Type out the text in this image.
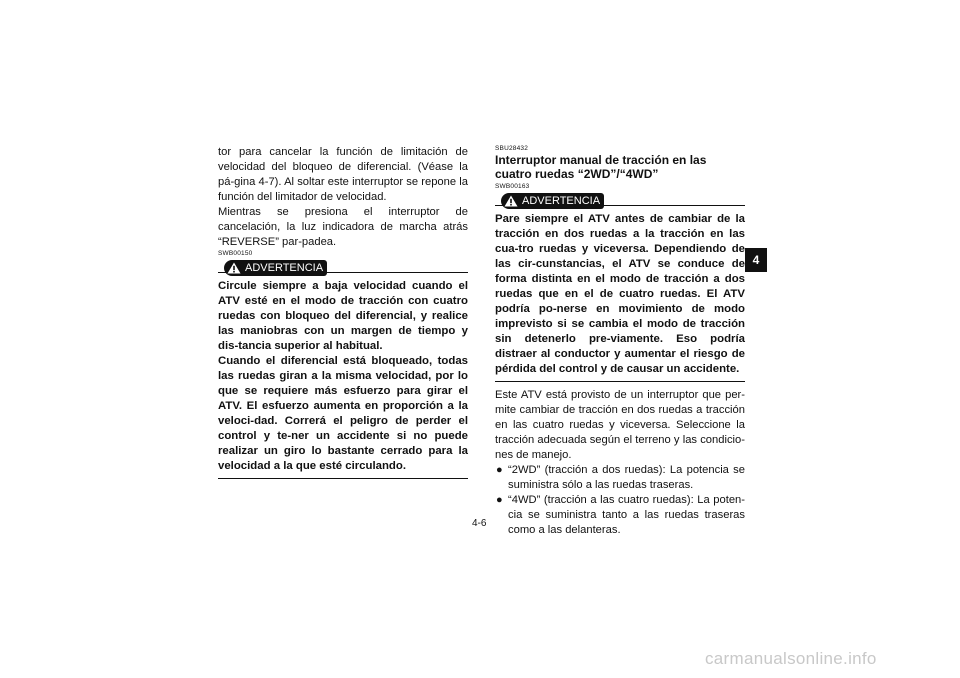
tor para cancelar la función de limitación de velocidad del bloqueo de diferencial. (Véase la pá-gina 4-7). Al soltar este interruptor se repone la función del limitador de velocidad.

Mientras se presiona el interruptor de cancelación, la luz indicadora de marcha atrás “REVERSE” par-padea.

SWB00150

ADVERTENCIA

Circule siempre a baja velocidad cuando el ATV esté en el modo de tracción con cuatro ruedas con bloqueo del diferencial, y realice las maniobras con un margen de tiempo y dis-tancia superior al habitual.

Cuando el diferencial está bloqueado, todas las ruedas giran a la misma velocidad, por lo que se requiere más esfuerzo para girar el ATV. El esfuerzo aumenta en proporción a la veloci-dad. Correrá el peligro de perder el control y te-ner un accidente si no puede realizar un giro lo bastante cerrado para la velocidad a la que esté circulando.

SBU28432

Interruptor manual de tracción en las cuatro ruedas “2WD”/“4WD”

SWB00163

ADVERTENCIA

Pare siempre el ATV antes de cambiar de la tracción en dos ruedas a la tracción en las cua-tro ruedas y viceversa. Dependiendo de las cir-cunstancias, el ATV se conduce de forma distinta en el modo de tracción a dos ruedas que en el de cuatro ruedas. El ATV podría po-nerse en movimiento de modo imprevisto si se cambia el modo de tracción sin detenerlo pre-viamente. Eso podría distraer al conductor y aumentar el riesgo de pérdida del control y de causar un accidente.

Este ATV está provisto de un interruptor que per-mite cambiar de tracción en dos ruedas a tracción en las cuatro ruedas y viceversa. Seleccione la tracción adecuada según el terreno y las condicio-nes de manejo.

● “2WD” (tracción a dos ruedas): La potencia se suministra sólo a las ruedas traseras.
● “4WD” (tracción a las cuatro ruedas): La poten-cia se suministra tanto a las ruedas traseras como a las delanteras.
4
4-6
carmanualsonline.info
